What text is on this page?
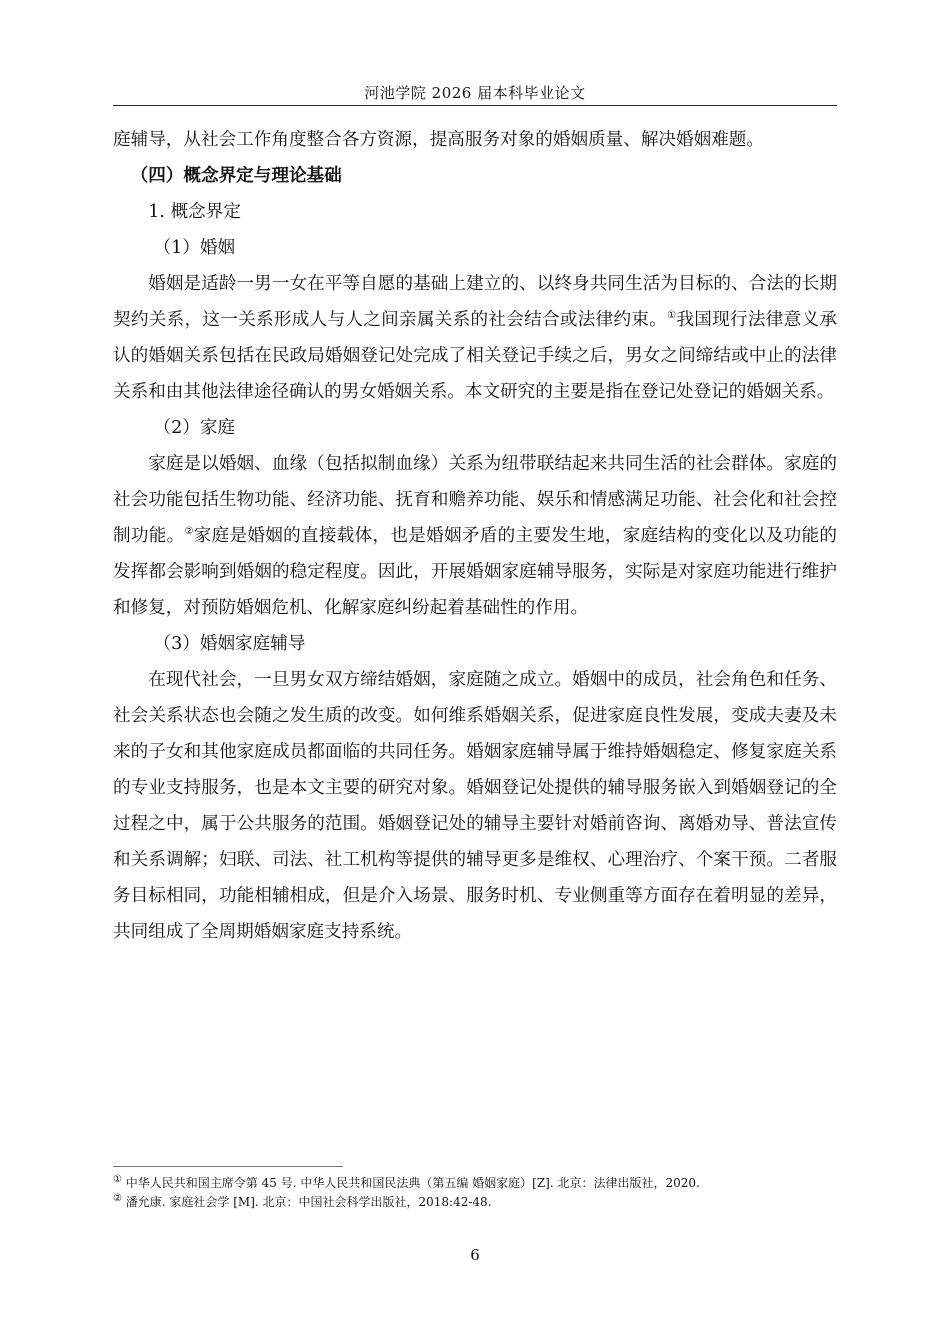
河池学院 2026 届本科毕业论文

庭辅导，从社会工作角度整合各方资源，提高服务对象的婚姻质量、解决婚姻难题。

（四）概念界定与理论基础

1. 概念界定

（1）婚姻

婚姻是适龄一男一女在平等自愿的基础上建立的、以终身共同生活为目标的、合法的长期契约关系，这一关系形成人与人之间亲属关系的社会结合或法律约束。①我国现行法律意义承认的婚姻关系包括在民政局婚姻登记处完成了相关登记手续之后，男女之间缔结或中止的法律关系和由其他法律途径确认的男女婚姻关系。本文研究的主要是指在登记处登记的婚姻关系。

（2）家庭

家庭是以婚姻、血缘（包括拟制血缘）关系为纽带联结起来共同生活的社会群体。家庭的社会功能包括生物功能、经济功能、抚育和赡养功能、娱乐和情感满足功能、社会化和社会控制功能。②家庭是婚姻的直接载体，也是婚姻矛盾的主要发生地，家庭结构的变化以及功能的发挥都会影响到婚姻的稳定程度。因此，开展婚姻家庭辅导服务，实际是对家庭功能进行维护和修复，对预防婚姻危机、化解家庭纠纷起着基础性的作用。

（3）婚姻家庭辅导

在现代社会，一旦男女双方缔结婚姻，家庭随之成立。婚姻中的成员，社会角色和任务、社会关系状态也会随之发生质的改变。如何维系婚姻关系，促进家庭良性发展，变成夫妻及未来的子女和其他家庭成员都面临的共同任务。婚姻家庭辅导属于维持婚姻稳定、修复家庭关系的专业支持服务，也是本文主要的研究对象。婚姻登记处提供的辅导服务嵌入到婚姻登记的全过程之中，属于公共服务的范围。婚姻登记处的辅导主要针对婚前咨询、离婚劝导、普法宣传和关系调解；妇联、司法、社工机构等提供的辅导更多是维权、心理治疗、个案干预。二者服务目标相同，功能相辅相成，但是介入场景、服务时机、专业侧重等方面存在着明显的差异，共同组成了全周期婚姻家庭支持系统。

① 中华人民共和国主席令第 45 号. 中华人民共和国民法典（第五编 婚姻家庭）[Z]. 北京：法律出版社，2020.

② 潘允康. 家庭社会学 [M]. 北京：中国社会科学出版社，2018:42-48.

6
